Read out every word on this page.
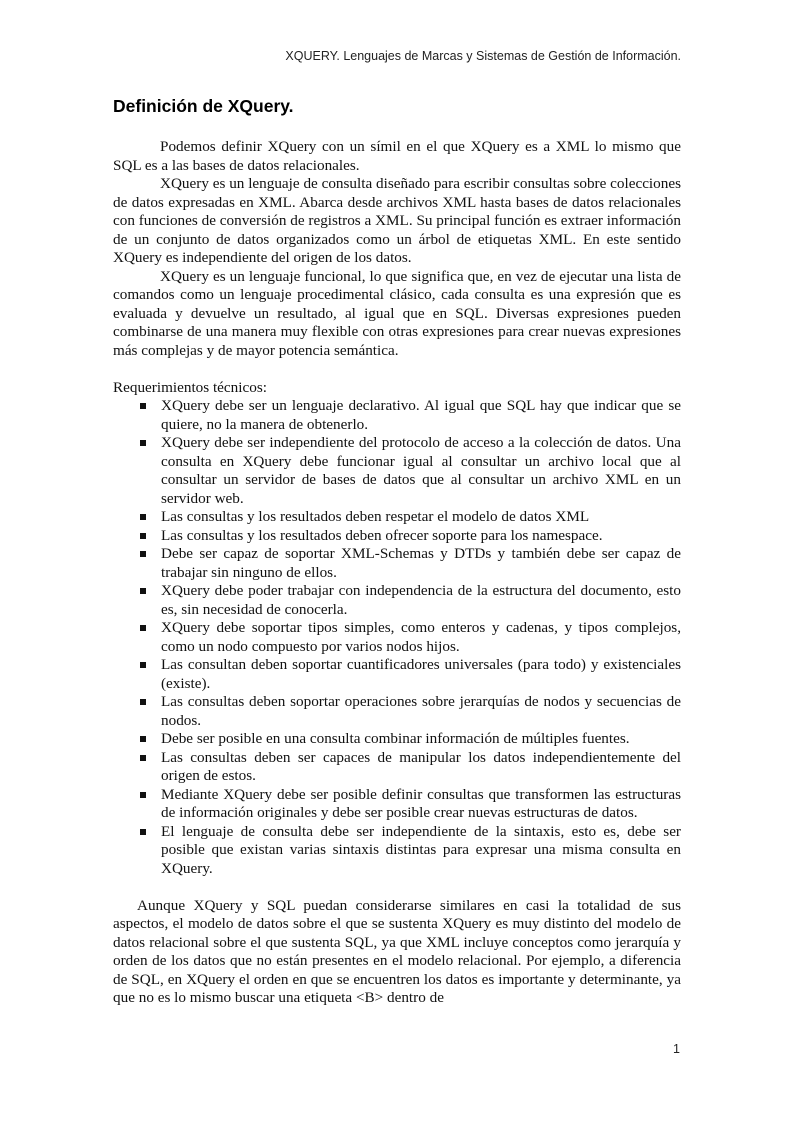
XQUERY. Lenguajes de Marcas y Sistemas de Gestión de Información.
Definición de XQuery.

Podemos definir XQuery con un símil en el que XQuery es a XML lo mismo que SQL es a las bases de datos relacionales.

XQuery es un lenguaje de consulta diseñado para escribir consultas sobre colecciones de datos expresadas en XML. Abarca desde archivos XML hasta bases de datos relacionales con funciones de conversión de registros a XML. Su principal función es extraer información de un conjunto de datos organizados como un árbol de etiquetas XML. En este sentido XQuery es independiente del origen de los datos.

XQuery es un lenguaje funcional, lo que significa que, en vez de ejecutar una lista de comandos como un lenguaje procedimental clásico, cada consulta es una expresión que es evaluada y devuelve un resultado, al igual que en SQL. Diversas expresiones pueden combinarse de una manera muy flexible con otras expresiones para crear nuevas expresiones más complejas y de mayor potencia semántica.

Requerimientos técnicos:

XQuery debe ser un lenguaje declarativo. Al igual que SQL hay que indicar que se quiere, no la manera de obtenerlo.
XQuery debe ser independiente del protocolo de acceso a la colección de datos. Una consulta en XQuery debe funcionar igual al consultar un archivo local que al consultar un servidor de bases de datos que al consultar un archivo XML en un servidor web.
Las consultas y los resultados deben respetar el modelo de datos XML
Las consultas y los resultados deben ofrecer soporte para los namespace.
Debe ser capaz de soportar XML-Schemas y DTDs y también debe ser capaz de trabajar sin ninguno de ellos.
XQuery debe poder trabajar con independencia de la estructura del documento, esto es, sin necesidad de conocerla.
XQuery debe soportar tipos simples, como enteros y cadenas, y tipos complejos, como un nodo compuesto por varios nodos hijos.
Las consultan deben soportar cuantificadores universales (para todo) y existenciales (existe).
Las consultas deben soportar operaciones sobre jerarquías de nodos y secuencias de nodos.
Debe ser posible en una consulta combinar información de múltiples fuentes.
Las consultas deben ser capaces de manipular los datos independientemente del origen de estos.
Mediante XQuery debe ser posible definir consultas que transformen las estructuras de información originales y debe ser posible crear nuevas estructuras de datos.
El lenguaje de consulta debe ser independiente de la sintaxis, esto es, debe ser posible que existan varias sintaxis distintas para expresar una misma consulta en XQuery.

Aunque XQuery y SQL puedan considerarse similares en casi la totalidad de sus aspectos, el modelo de datos sobre el que se sustenta XQuery es muy distinto del modelo de datos relacional sobre el que sustenta SQL, ya que XML incluye conceptos como jerarquía y orden de los datos que no están presentes en el modelo relacional. Por ejemplo, a diferencia de SQL, en XQuery el orden en que se encuentren los datos es importante y determinante, ya que no es lo mismo buscar una etiqueta <B> dentro de

1
